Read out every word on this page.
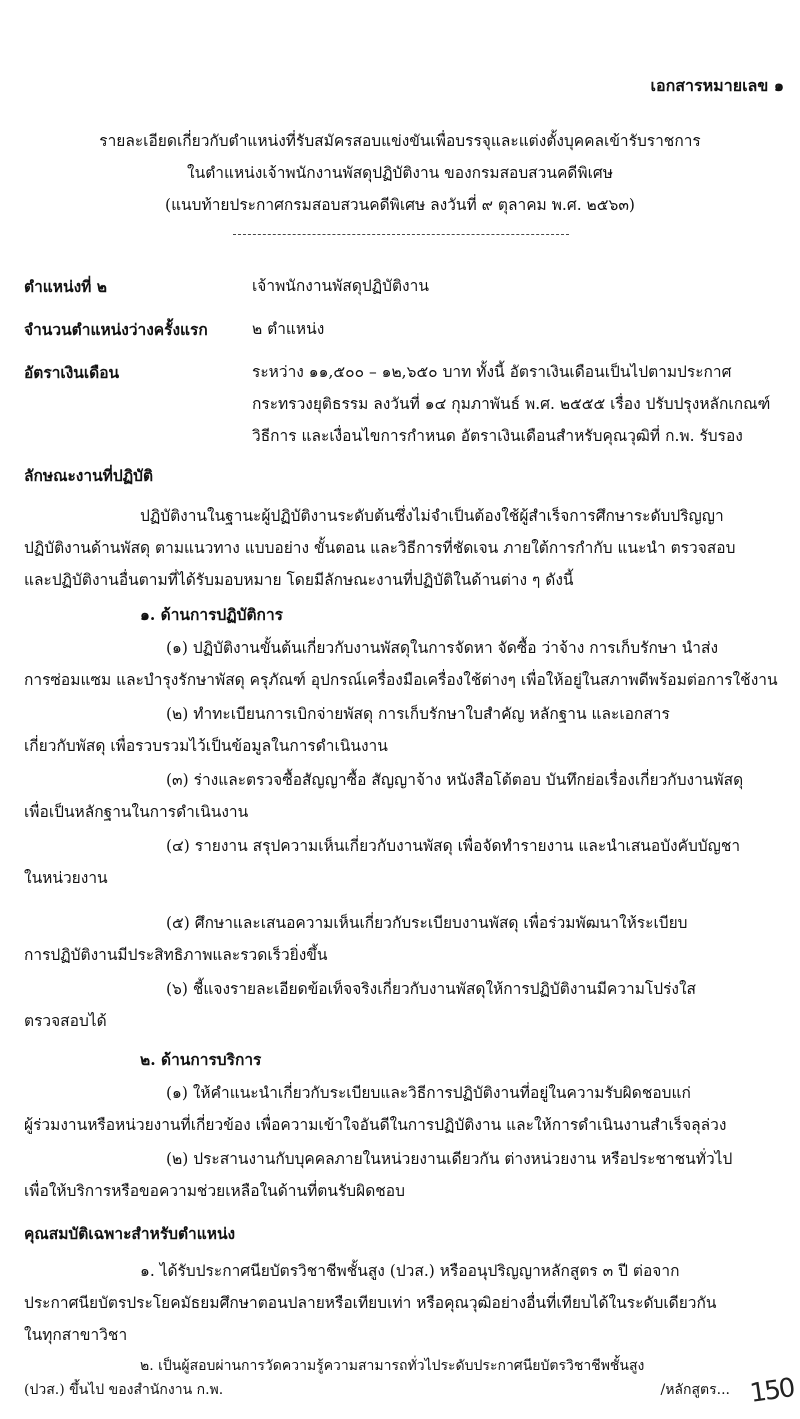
เอกสารหมายเลข ๑
รายละเอียดเกี่ยวกับตำแหน่งที่รับสมัครสอบแข่งขันเพื่อบรรจุและแต่งตั้งบุคคลเข้ารับราชการ
ในตำแหน่งเจ้าพนักงานพัสดุปฏิบัติงาน ของกรมสอบสวนคดีพิเศษ
(แนบท้ายประกาศกรมสอบสวนคดีพิเศษ ลงวันที่ ๙ ตุลาคม พ.ศ. ๒๕๖๓)
ตำแหน่งที่ ๒	เจ้าพนักงานพัสดุปฏิบัติงาน
จำนวนตำแหน่งว่างครั้งแรก	๒ ตำแหน่ง
อัตราเงินเดือน	ระหว่าง ๑๑,๕๐๐ – ๑๒,๖๕๐ บาท ทั้งนี้ อัตราเงินเดือนเป็นไปตามประกาศ
กระทรวงยุติธรรม ลงวันที่ ๑๔ กุมภาพันธ์ พ.ศ. ๒๕๕๕ เรื่อง ปรับปรุงหลักเกณฑ์
วิธีการ และเงื่อนไขการกำหนด อัตราเงินเดือนสำหรับคุณวุฒิที่ ก.พ. รับรอง
ลักษณะงานที่ปฏิบัติ
ปฏิบัติงานในฐานะผู้ปฏิบัติงานระดับต้นซึ่งไม่จำเป็นต้องใช้ผู้สำเร็จการศึกษาระดับปริญญา
ปฏิบัติงานด้านพัสดุ ตามแนวทาง แบบอย่าง ขั้นตอน และวิธีการที่ชัดเจน ภายใต้การกำกับ แนะนำ ตรวจสอบ
และปฏิบัติงานอื่นตามที่ได้รับมอบหมาย โดยมีลักษณะงานที่ปฏิบัติในด้านต่าง ๆ ดังนี้
๑. ด้านการปฏิบัติการ
(๑) ปฏิบัติงานขั้นต้นเกี่ยวกับงานพัสดุในการจัดหา จัดซื้อ ว่าจ้าง การเก็บรักษา นำส่ง
การซ่อมแซม และบำรุงรักษาพัสดุ ครุภัณฑ์ อุปกรณ์เครื่องมือเครื่องใช้ต่างๆ เพื่อให้อยู่ในสภาพดีพร้อมต่อการใช้งาน
(๒) ทำทะเบียนการเบิกจ่ายพัสดุ การเก็บรักษาใบสำคัญ หลักฐาน และเอกสาร
เกี่ยวกับพัสดุ เพื่อรวบรวมไว้เป็นข้อมูลในการดำเนินงาน
(๓) ร่างและตรวจซื้อสัญญาซื้อ สัญญาจ้าง หนังสือโต้ตอบ บันทึกย่อเรื่องเกี่ยวกับงานพัสดุ
เพื่อเป็นหลักฐานในการดำเนินงาน
(๔) รายงาน สรุปความเห็นเกี่ยวกับงานพัสดุ เพื่อจัดทำรายงาน และนำเสนอบังคับบัญชา
ในหน่วยงาน
(๕) ศึกษาและเสนอความเห็นเกี่ยวกับระเบียบงานพัสดุ เพื่อร่วมพัฒนาให้ระเบียบ
การปฏิบัติงานมีประสิทธิภาพและรวดเร็วยิ่งขึ้น
(๖) ชี้แจงรายละเอียดข้อเท็จจริงเกี่ยวกับงานพัสดุให้การปฏิบัติงานมีความโปร่งใส
ตรวจสอบได้
๒. ด้านการบริการ
(๑) ให้คำแนะนำเกี่ยวกับระเบียบและวิธีการปฏิบัติงานที่อยู่ในความรับผิดชอบแก่
ผู้ร่วมงานหรือหน่วยงานที่เกี่ยวข้อง เพื่อความเข้าใจอันดีในการปฏิบัติงาน และให้การดำเนินงานสำเร็จลุล่วง
(๒) ประสานงานกับบุคคลภายในหน่วยงานเดียวกัน ต่างหน่วยงาน หรือประชาชนทั่วไป
เพื่อให้บริการหรือขอความช่วยเหลือในด้านที่ตนรับผิดชอบ
คุณสมบัติเฉพาะสำหรับตำแหน่ง
๑. ได้รับประกาศนียบัตรวิชาชีพชั้นสูง (ปวส.) หรืออนุปริญญาหลักสูตร ๓ ปี ต่อจาก
ประกาศนียบัตรประโยคมัธยมศึกษาตอนปลายหรือเทียบเท่า หรือคุณวุฒิอย่างอื่นที่เทียบได้ในระดับเดียวกัน
ในทุกสาขาวิชา
๒. เป็นผู้สอบผ่านการวัดความรู้ความสามารถทั่วไประดับประกาศนียบัตรวิชาชีพชั้นสูง
(ปวส.) ขึ้นไป ของสำนักงาน ก.พ.	/หลักสูตร... 150
